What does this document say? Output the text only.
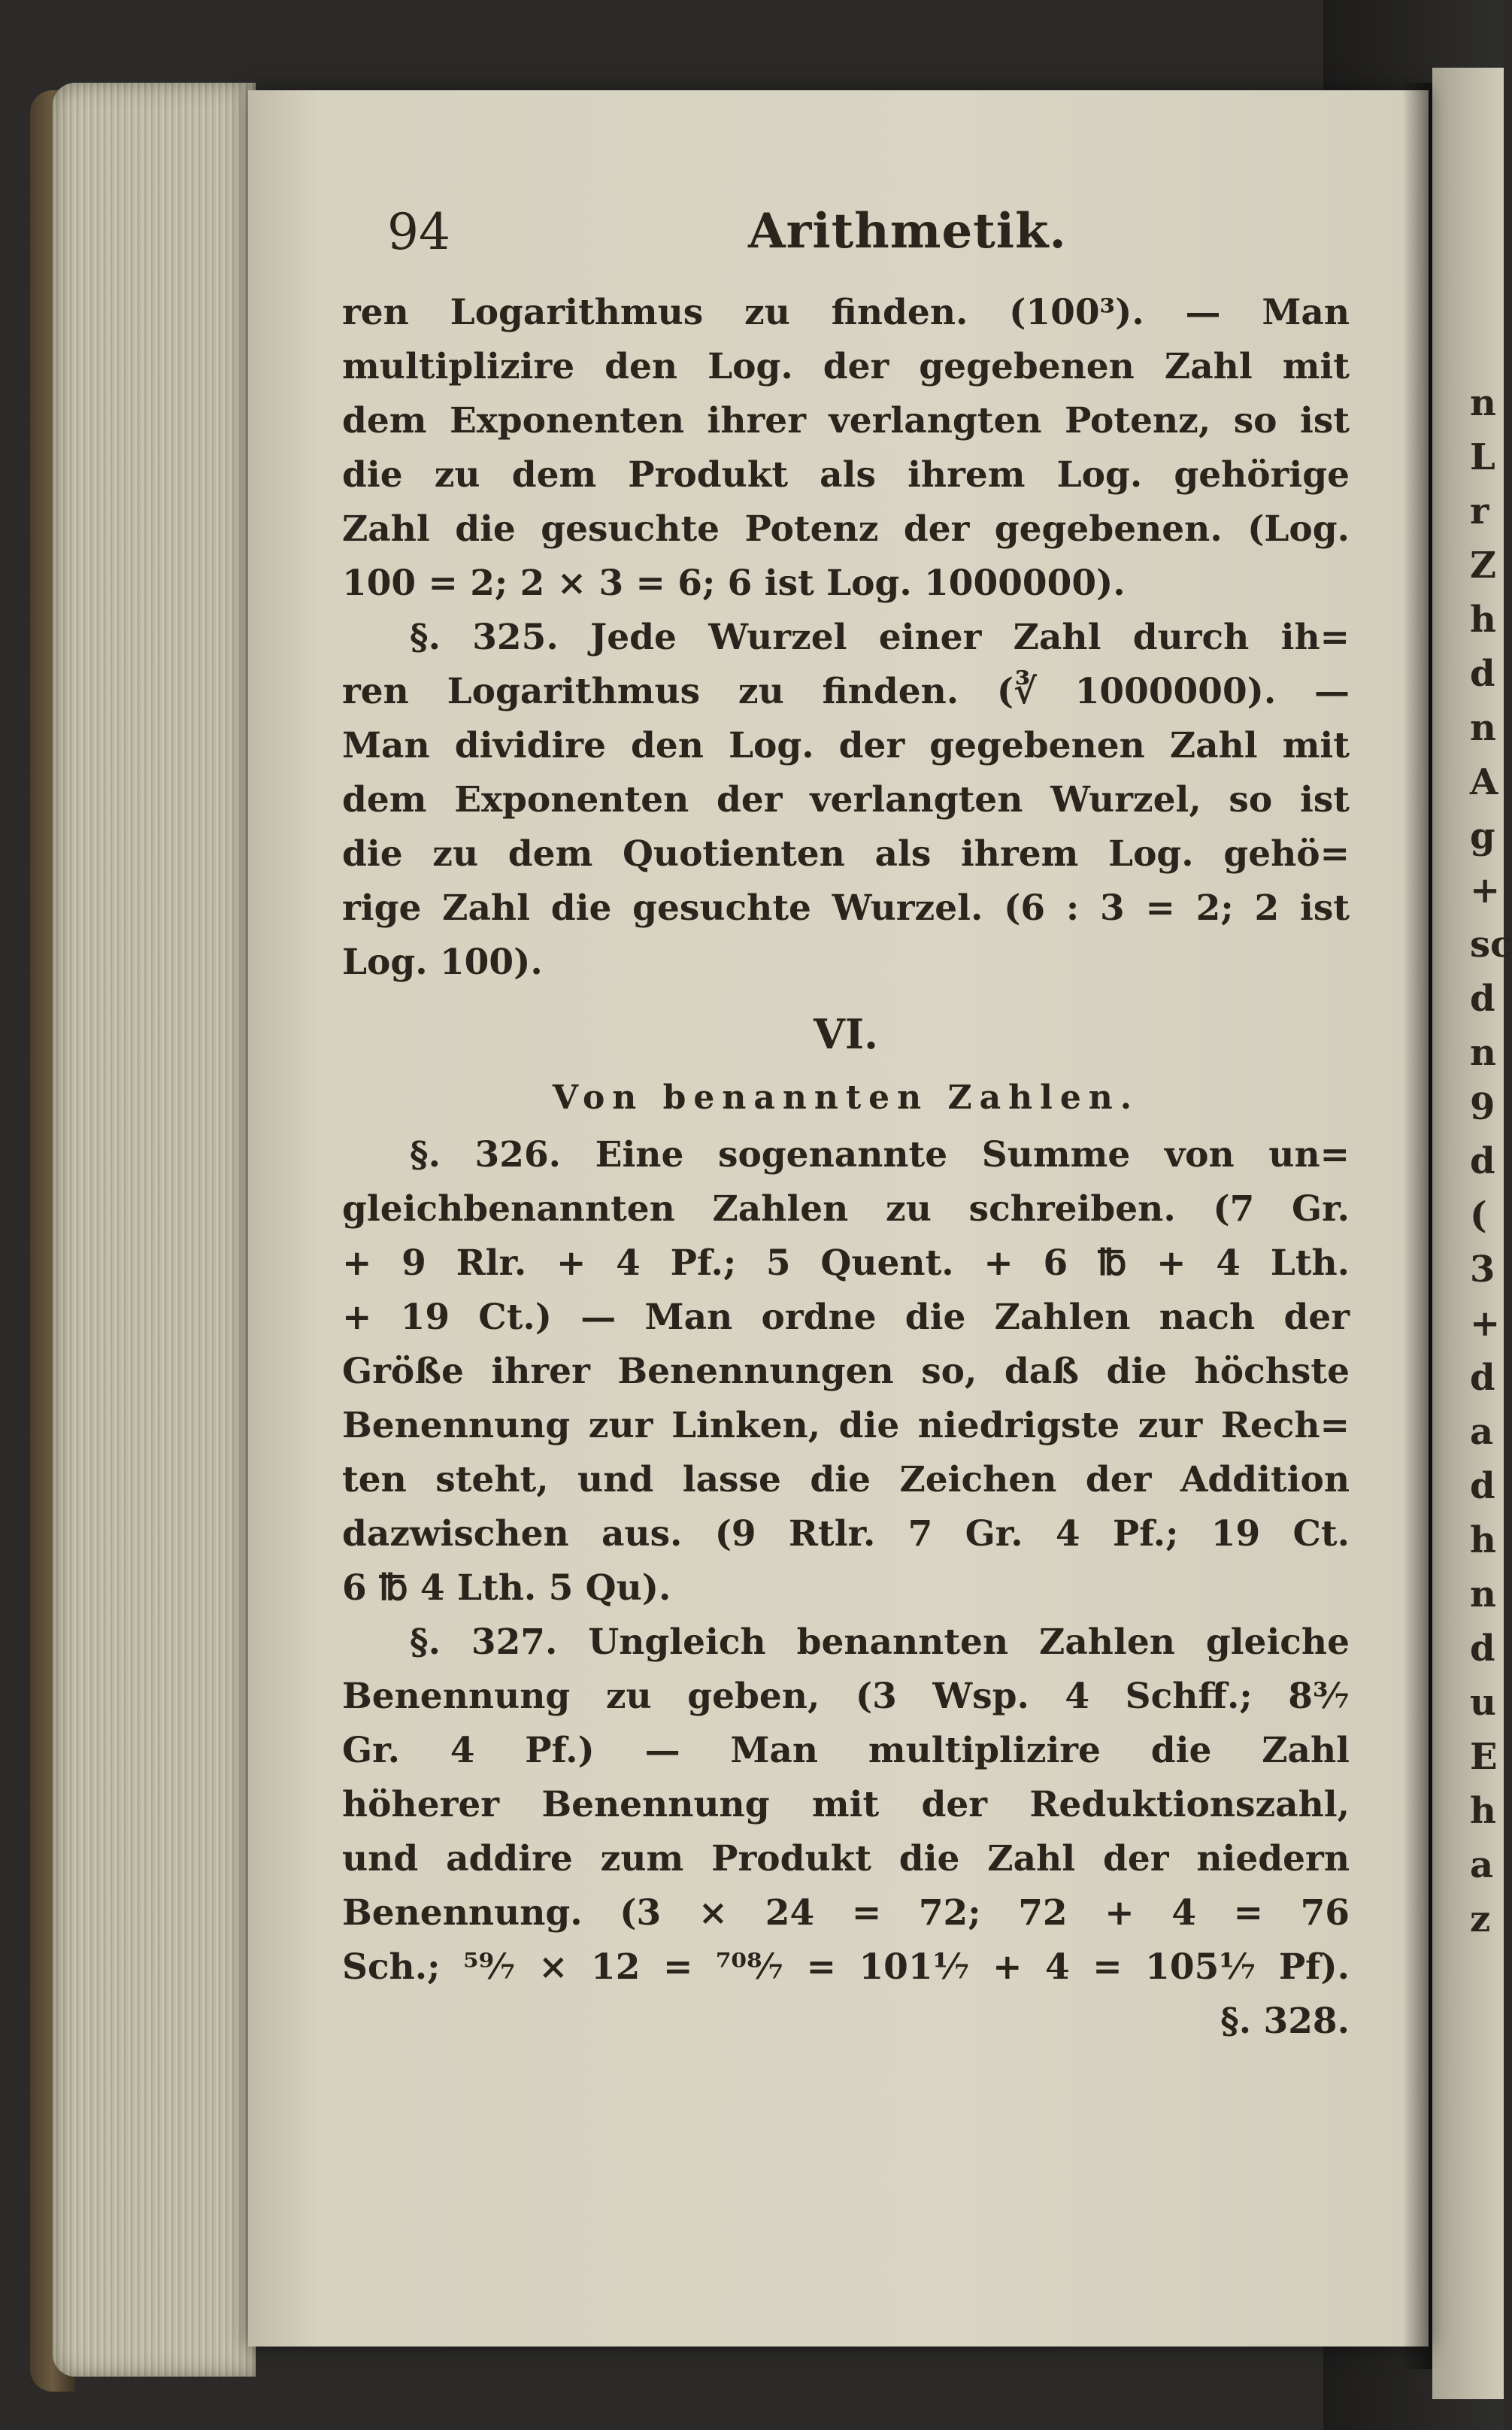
n
L
r
Z
h
d
n
A
g
+
sc
d
n
9
d
(
3
+
d
a
d
h
n
d
u
E
h
a
z
94	Arithmetik.
ren Logarithmus zu finden. (100³). — Man
multiplizire den Log. der gegebenen Zahl mit
dem Exponenten ihrer verlangten Potenz, so ist
die zu dem Produkt als ihrem Log. gehörige
Zahl die gesuchte Potenz der gegebenen. (Log.
100 = 2; 2 × 3 = 6; 6 ist Log. 1000000).
§. 325. Jede Wurzel einer Zahl durch ih=
ren Logarithmus zu finden. (∛ 1000000). —
Man dividire den Log. der gegebenen Zahl mit
dem Exponenten der verlangten Wurzel, so ist
die zu dem Quotienten als ihrem Log. gehö=
rige Zahl die gesuchte Wurzel. (6 : 3 = 2; 2 ist
Log. 100).
VI.
Von benannten Zahlen.
§. 326. Eine sogenannte Summe von un=
gleichbenannten Zahlen zu schreiben. (7 Gr.
+ 9 Rlr. + 4 Pf.; 5 Quent. + 6 ℔ + 4 Lth.
+ 19 Ct.) — Man ordne die Zahlen nach der
Größe ihrer Benennungen so, daß die höchste
Benennung zur Linken, die niedrigste zur Rech=
ten steht, und lasse die Zeichen der Addition
dazwischen aus. (9 Rtlr. 7 Gr. 4 Pf.; 19 Ct.
6 ℔ 4 Lth. 5 Qu).
§. 327. Ungleich benannten Zahlen gleiche
Benennung zu geben, (3 Wsp. 4 Schff.; 8³⁄₇
Gr. 4 Pf.) — Man multiplizire die Zahl
höherer Benennung mit der Reduktionszahl,
und addire zum Produkt die Zahl der niedern
Benennung. (3 × 24 = 72; 72 + 4 = 76
Sch.; ⁵⁹⁄₇ × 12 = ⁷⁰⁸⁄₇ = 101¹⁄₇ + 4 = 105¹⁄₇ Pf).
§. 328.
